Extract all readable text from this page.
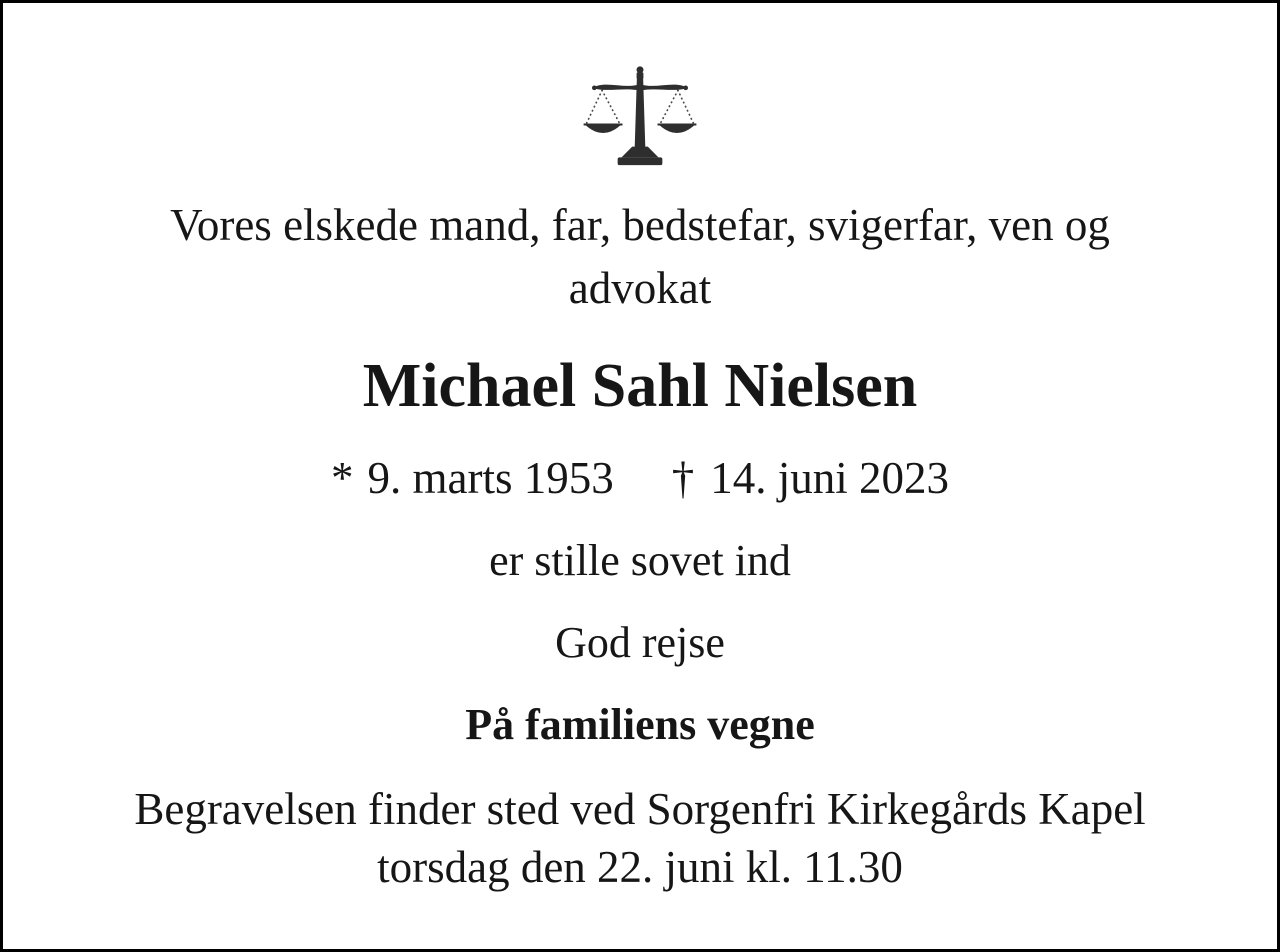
Vores elskede mand, far, bedstefar, svigerfar, ven og
advokat
Michael Sahl Nielsen
* 9. marts 1953 † 14. juni 2023
er stille sovet ind
God rejse
På familiens vegne
Begravelsen finder sted ved Sorgenfri Kirkegårds Kapel
torsdag den 22. juni kl. 11.30
